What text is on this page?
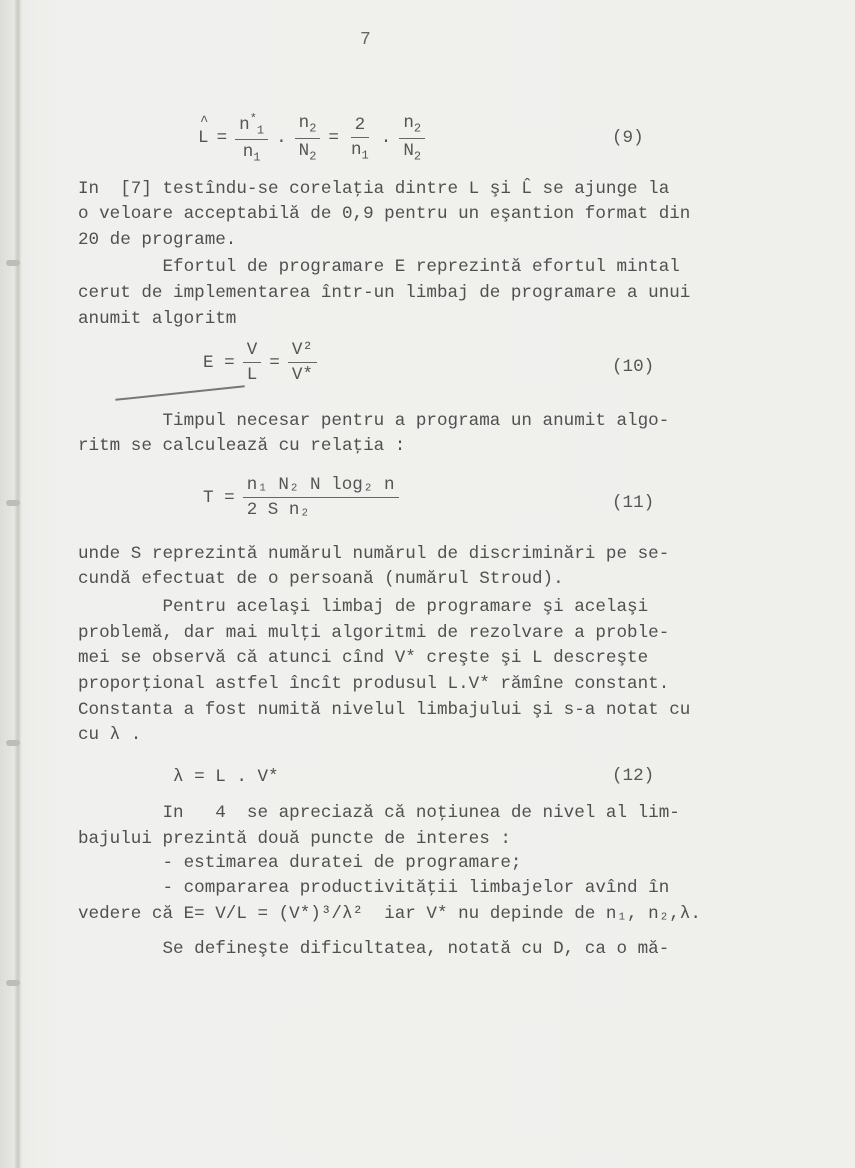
7
^ $L = \frac{n^*_1}{n_1}$ . $\frac{n_2}{N_2} = \frac{2}{n_1}$ . $\frac{n_2}{N_2}$	(9)
In  [7] testîndu-se corelaţia dintre L şi L̂ se ajunge la
o veloare acceptabilă de 0,9 pentru un eşantion format din
20 de programe.
Efortul de programare E reprezintă efortul mintal
cerut de implementarea într-un limbaj de programare a unui
anumit algoritm
$E = \frac{V}{L} = \frac{\text{V²}}{V*}$	(10)
Timpul necesar pentru a programa un anumit algo-
ritm se calculează cu relaţia :
$T = \frac{\text{n₁ N₂ N log₂ n}}{\text{2 S n₂}}$	(11)
unde S reprezintă numărul numărul de discriminări pe se-
cundă efectuat de o persoană (numărul Stroud).
Pentru acelaşi limbaj de programare şi acelaşi
problemă, dar mai mulţi algoritmi de rezolvare a proble-
mei se observă că atunci cînd V* creşte şi L descreşte
proporţional astfel încît produsul L.V* rămîne constant.
Constanta a fost numită nivelul limbajului şi s-a notat cu
cu λ .
λ = L . V*	(12)
In   4  se apreciază că noţiunea de nivel al lim-
bajului prezintă două puncte de interes :
- estimarea duratei de programare;
- compararea productivităţii limbajelor avînd în
vedere că E= V/L = (V*)³/λ²  iar V* nu depinde de n₁, n₂,λ.
Se defineşte dificultatea, notată cu D, ca o mă-
